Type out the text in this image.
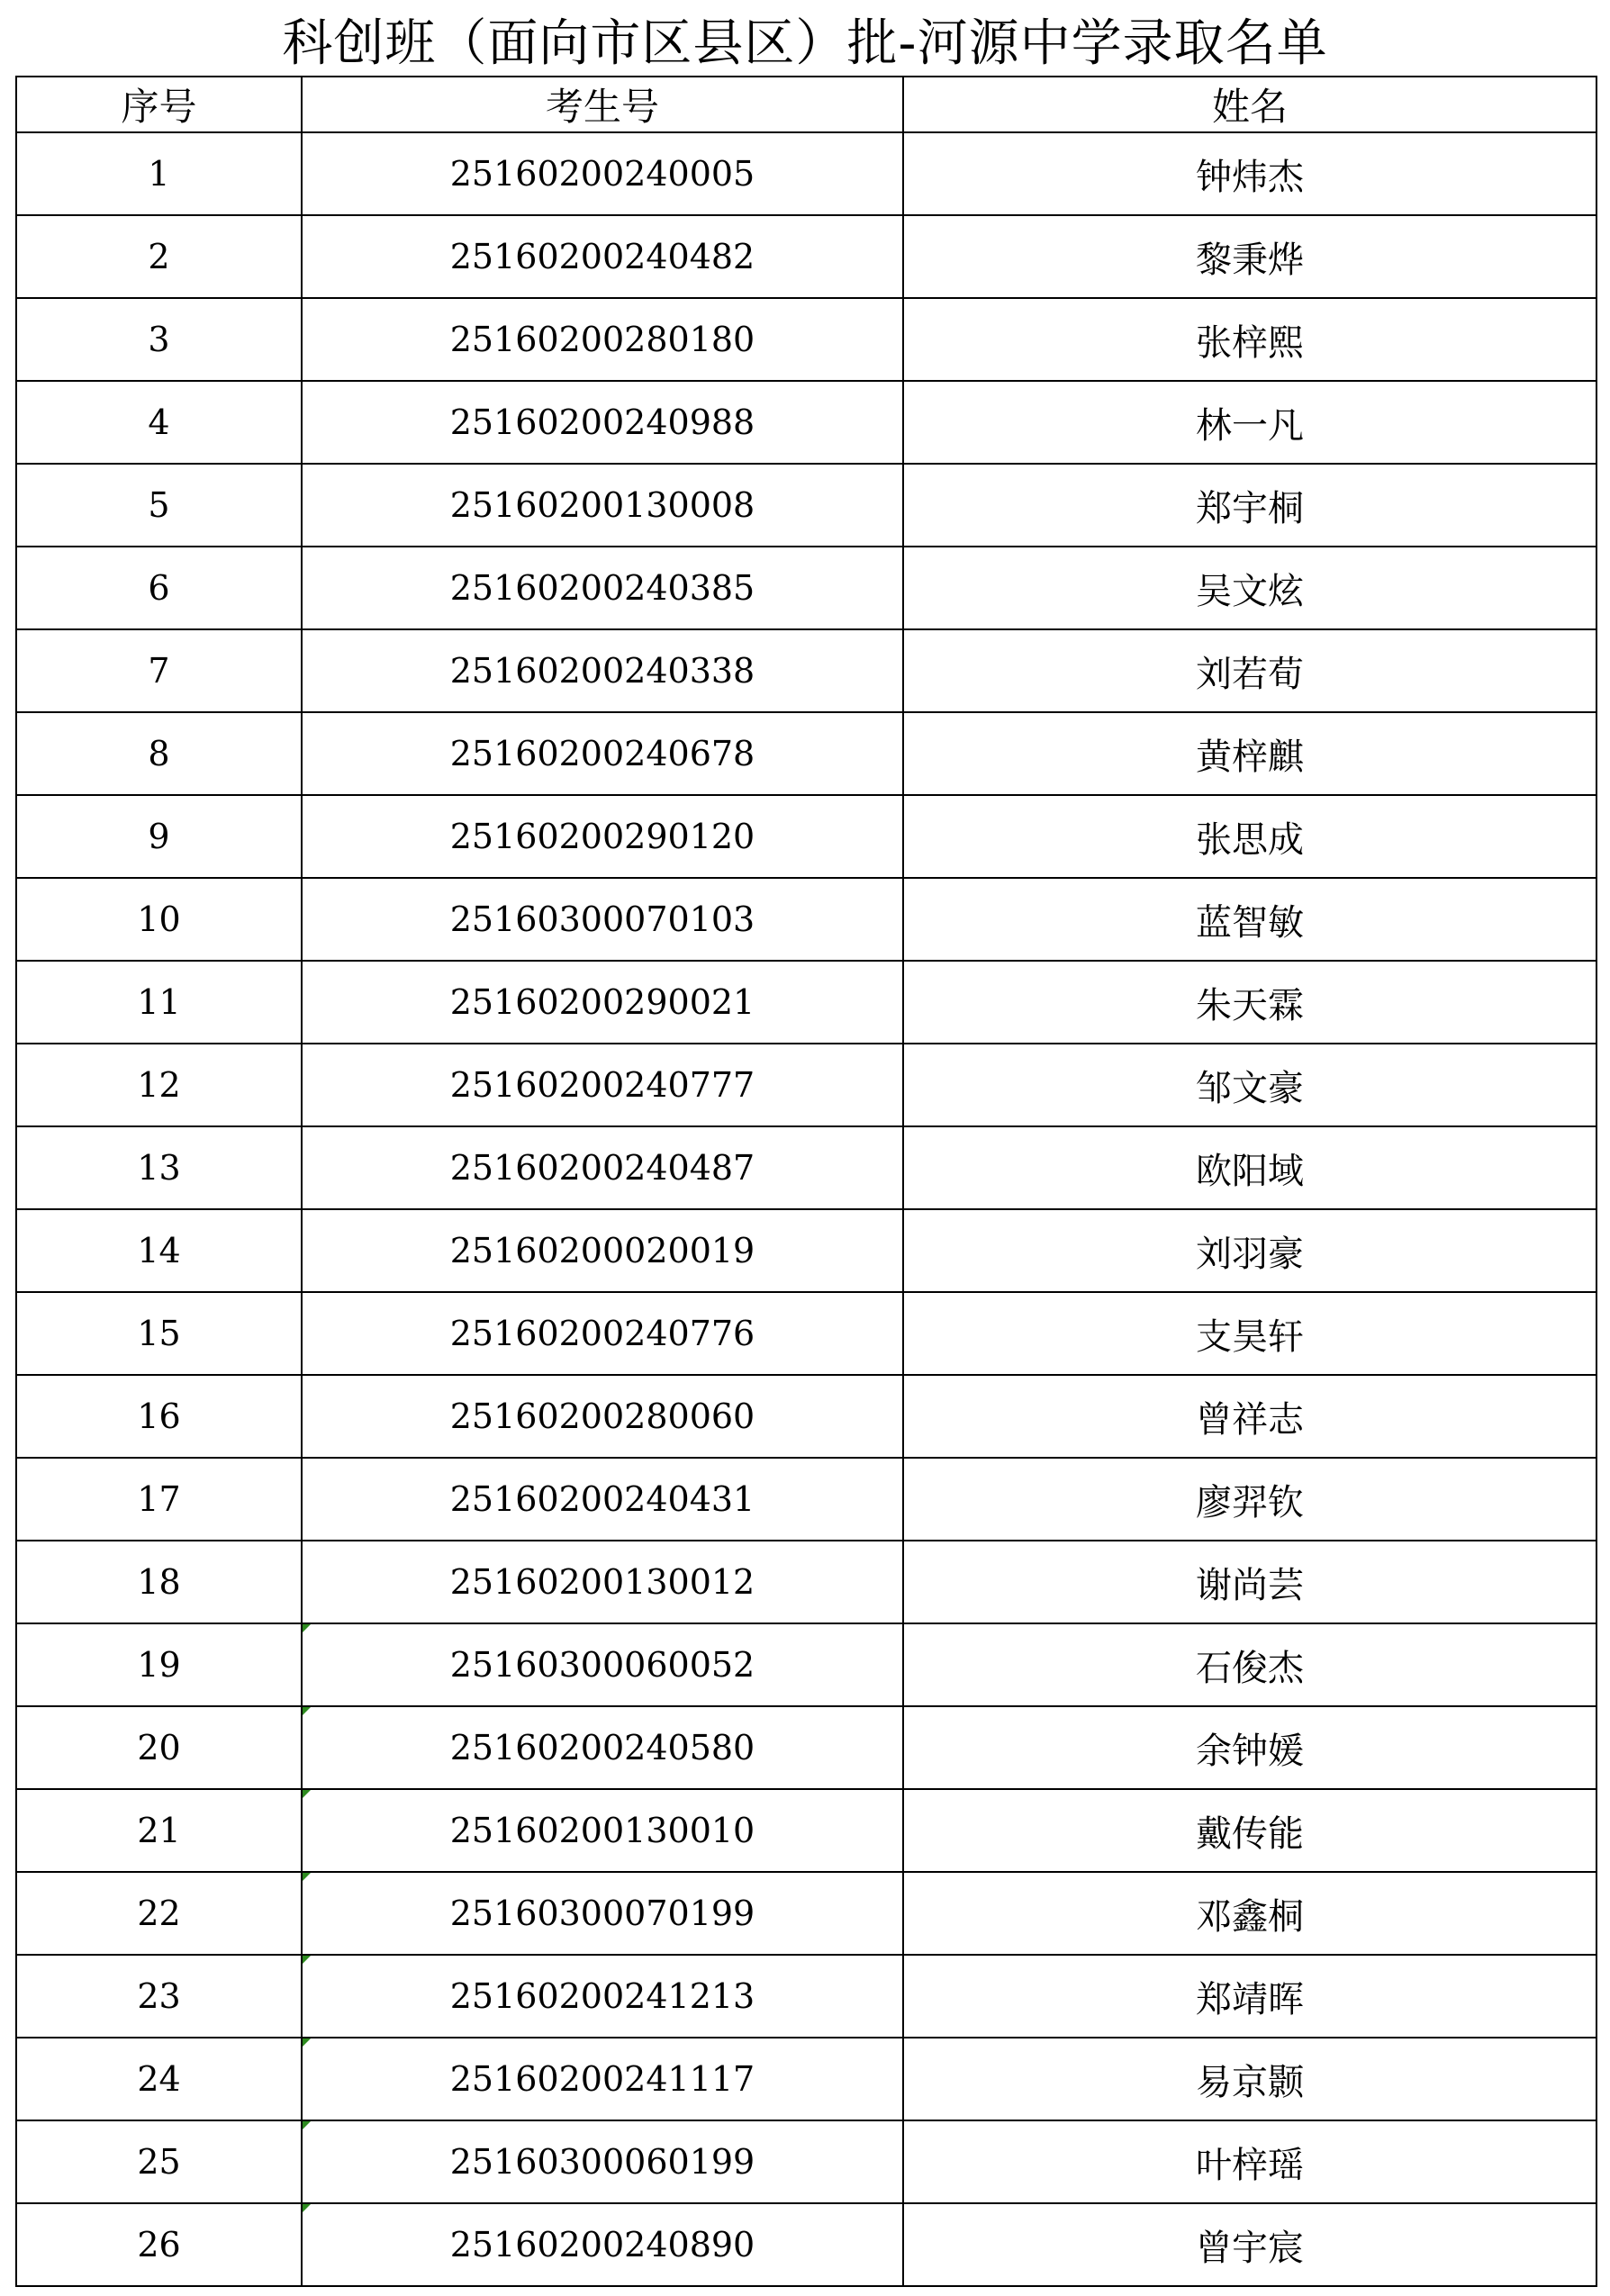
科创班（面向市区县区）批-河源中学录取名单
序号	考生号	姓名
1	25160200240005	钟炜杰
2	25160200240482	黎秉烨
3	25160200280180	张梓熙
4	25160200240988	林一凡
5	25160200130008	郑宇桐
6	25160200240385	吴文炫
7	25160200240338	刘若荀
8	25160200240678	黄梓麒
9	25160200290120	张思成
10	25160300070103	蓝智敏
11	25160200290021	朱天霖
12	25160200240777	邹文豪
13	25160200240487	欧阳域
14	25160200020019	刘羽豪
15	25160200240776	支昊轩
16	25160200280060	曾祥志
17	25160200240431	廖羿钦
18	25160200130012	谢尚芸
19	25160300060052	石俊杰
20	25160200240580	余钟媛
21	25160200130010	戴传能
22	25160300070199	邓鑫桐
23	25160200241213	郑靖晖
24	25160200241117	易京颢
25	25160300060199	叶梓瑶
26	25160200240890	曾宇宸
